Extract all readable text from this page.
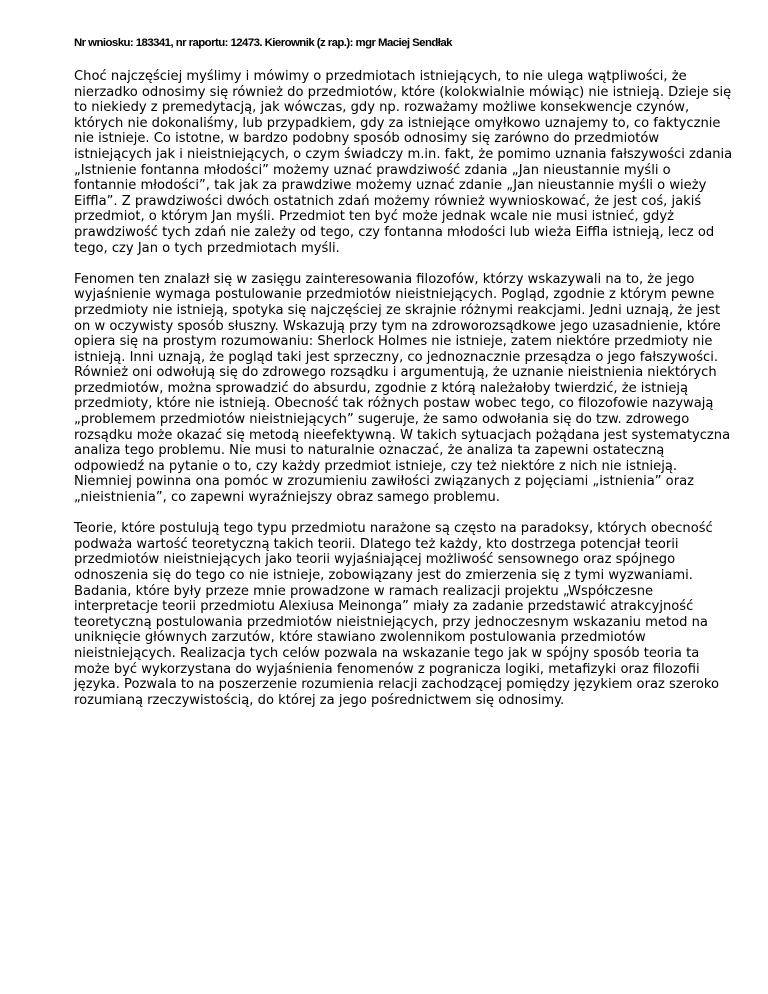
Nr wniosku: 183341, nr raportu: 12473. Kierownik (z rap.): mgr Maciej Sendłak

Choć najczęściej myślimy i mówimy o przedmiotach istniejących, to nie ulega wątpliwości, że nierzadko odnosimy się również do przedmiotów, które (kolokwialnie mówiąc) nie istnieją. Dzieje się to niekiedy z premedytacją, jak wówczas, gdy np. rozważamy możliwe konsekwencje czynów, których nie dokonaliśmy, lub przypadkiem, gdy za istniejące omyłkowo uznajemy to, co faktycznie nie istnieje. Co istotne, w bardzo podobny sposób odnosimy się zarówno do przedmiotów istniejących jak i nieistniejących, o czym świadczy m.in. fakt, że pomimo uznania fałszywości zdania „Istnienie fontanna młodości” możemy uznać prawdziwość zdania „Jan nieustannie myśli o fontannie młodości”, tak jak za prawdziwe możemy uznać zdanie „Jan nieustannie myśli o wieży Eiffla”. Z prawdziwości dwóch ostatnich zdań możemy również wywnioskować, że jest coś, jakiś przedmiot, o którym Jan myśli. Przedmiot ten być może jednak wcale nie musi istnieć, gdyż prawdziwość tych zdań nie zależy od tego, czy fontanna młodości lub wieża Eiffla istnieją, lecz od tego, czy Jan o tych przedmiotach myśli.

Fenomen ten znalazł się w zasięgu zainteresowania filozofów, którzy wskazywali na to, że jego wyjaśnienie wymaga postulowanie przedmiotów nieistniejących. Pogląd, zgodnie z którym pewne przedmioty nie istnieją, spotyka się najczęściej ze skrajnie różnymi reakcjami. Jedni uznają, że jest on w oczywisty sposób słuszny. Wskazują przy tym na zdroworozsądkowe jego uzasadnienie, które opiera się na prostym rozumowaniu: Sherlock Holmes nie istnieje, zatem niektóre przedmioty nie istnieją. Inni uznają, że pogląd taki jest sprzeczny, co jednoznacznie przesądza o jego fałszywości. Również oni odwołują się do zdrowego rozsądku i argumentują, że uznanie nieistnienia niektórych przedmiotów, można sprowadzić do absurdu, zgodnie z którą należałoby twierdzić, że istnieją przedmioty, które nie istnieją. Obecność tak różnych postaw wobec tego, co filozofowie nazywają „problemem przedmiotów nieistniejących” sugeruje, że samo odwołania się do tzw. zdrowego rozsądku może okazać się metodą nieefektywną. W takich sytuacjach pożądana jest systematyczna analiza tego problemu. Nie musi to naturalnie oznaczać, że analiza ta zapewni ostateczną odpowiedź na pytanie o to, czy każdy przedmiot istnieje, czy też niektóre z nich nie istnieją. Niemniej powinna ona pomóc w zrozumieniu zawiłości związanych z pojęciami „istnienia” oraz „nieistnienia”, co zapewni wyraźniejszy obraz samego problemu.

Teorie, które postulują tego typu przedmiotu narażone są często na paradoksy, których obecność podważa wartość teoretyczną takich teorii. Dlatego też każdy, kto dostrzega potencjał teorii przedmiotów nieistniejących jako teorii wyjaśniającej możliwość sensownego oraz spójnego odnoszenia się do tego co nie istnieje, zobowiązany jest do zmierzenia się z tymi wyzwaniami. Badania, które były przeze mnie prowadzone w ramach realizacji projektu „Współczesne interpretacje teorii przedmiotu Alexiusa Meinonga” miały za zadanie przedstawić atrakcyjność teoretyczną postulowania przedmiotów nieistniejących, przy jednoczesnym wskazaniu metod na uniknięcie głównych zarzutów, które stawiano zwolennikom postulowania przedmiotów nieistniejących. Realizacja tych celów pozwala na wskazanie tego jak w spójny sposób teoria ta może być wykorzystana do wyjaśnienia fenomenów z pogranicza logiki, metafizyki oraz filozofii języka. Pozwala to na poszerzenie rozumienia relacji zachodzącej pomiędzy językiem oraz szeroko rozumianą rzeczywistością, do której za jego pośrednictwem się odnosimy.
